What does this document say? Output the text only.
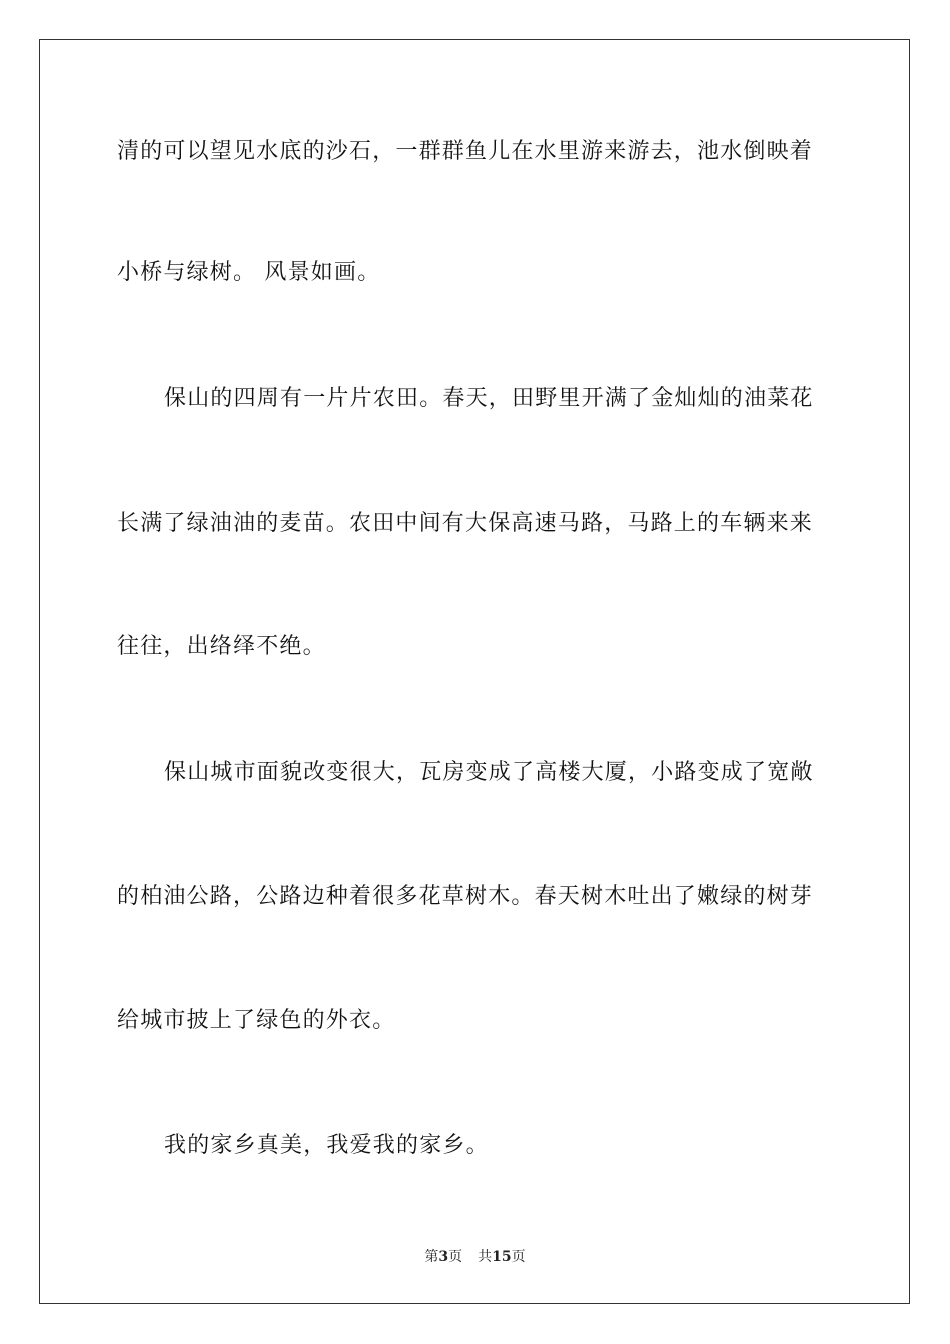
清的可以望见水底的沙石，一群群鱼儿在水里游来游去，池水倒映着
小桥与绿树。 风景如画。
保山的四周有一片片农田。春天，田野里开满了金灿灿的油菜花
长满了绿油油的麦苗。农田中间有大保高速马路，马路上的车辆来来
往往，出络绎不绝。
保山城市面貌改变很大，瓦房变成了高楼大厦，小路变成了宽敞
的柏油公路，公路边种着很多花草树木。春天树木吐出了嫩绿的树芽
给城市披上了绿色的外衣。
我的家乡真美，我爱我的家乡。
第3页 共15页
